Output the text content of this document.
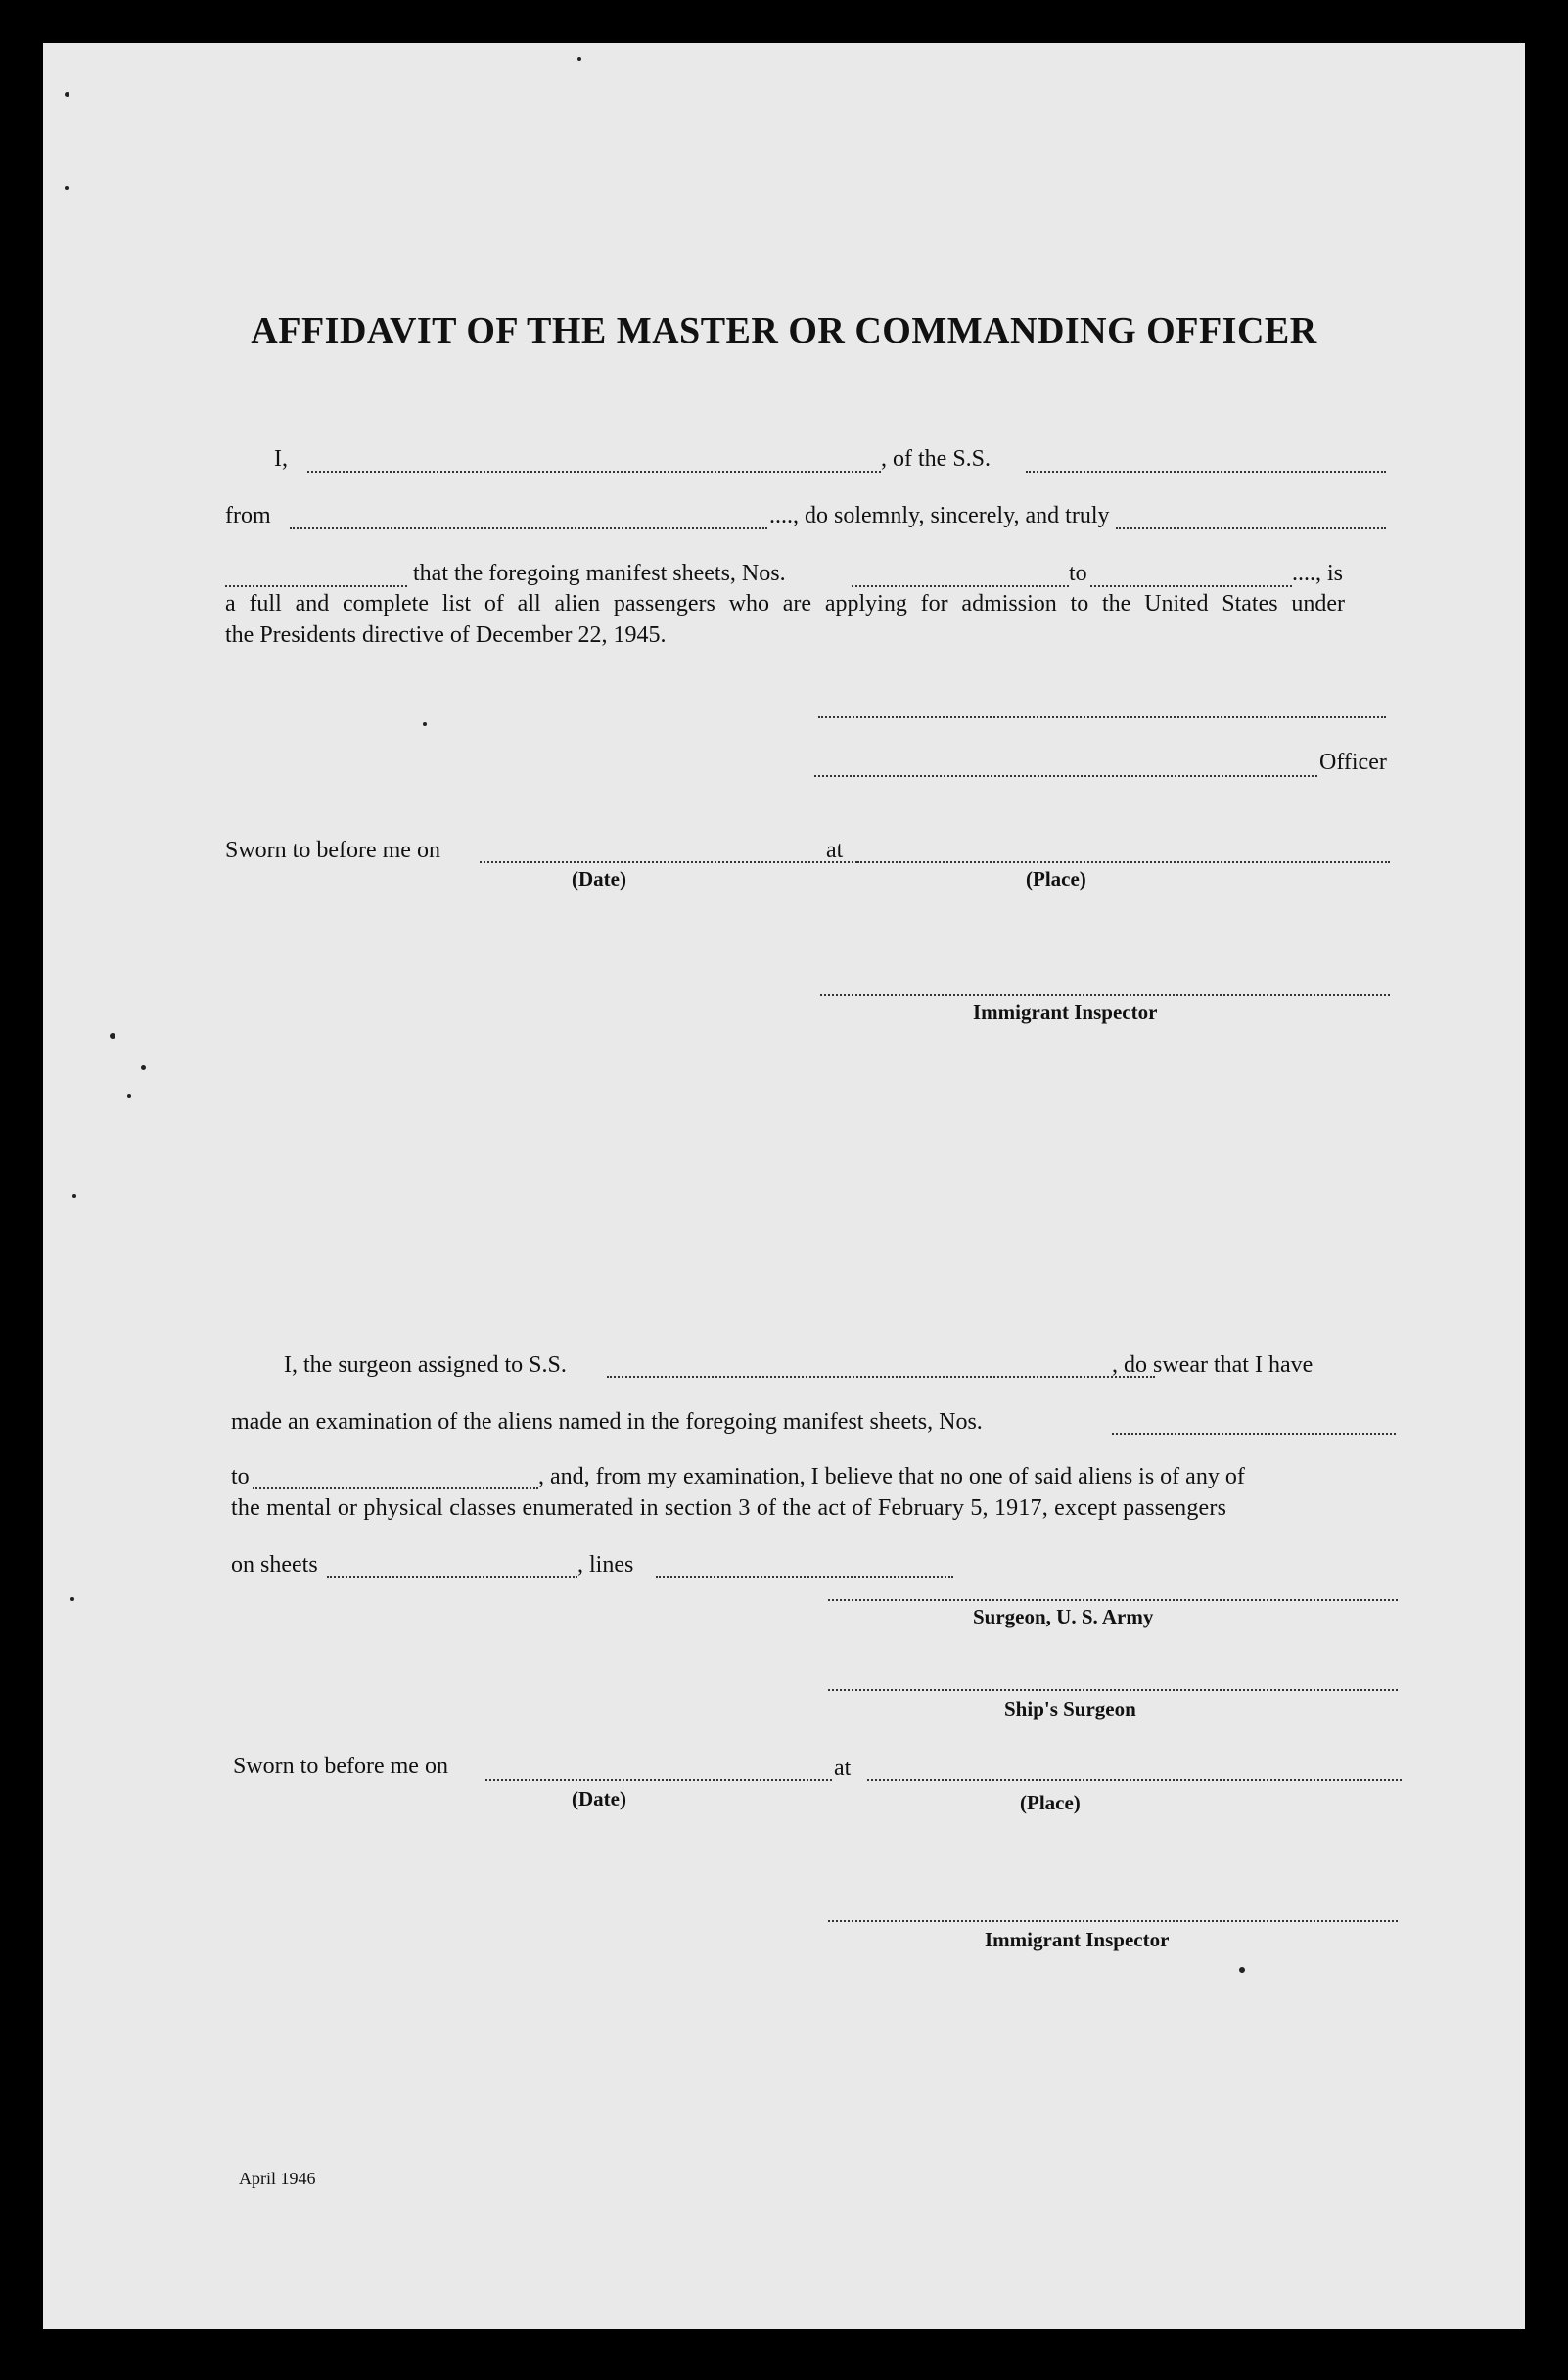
AFFIDAVIT OF THE MASTER OR COMMANDING OFFICER
I,	, of the S.S.
from	...., do solemnly, sincerely, and truly
that the foregoing manifest sheets, Nos.	to	...., is
a full and complete list of all alien passengers who are applying for admission to the United States under
the Presidents directive of December 22, 1945.
Officer
Sworn to before me on	at
(Date)	(Place)
Immigrant Inspector
I, the surgeon assigned to S.S.	, do swear that I have
made an examination of the aliens named in the foregoing manifest sheets, Nos.
to	, and, from my examination, I believe that no one of said aliens is of any of
the mental or physical classes enumerated in section 3 of the act of February 5, 1917, except passengers
on sheets	, lines
Surgeon, U. S. Army
Ship's Surgeon
Sworn to before me on	at
(Date)	(Place)
Immigrant Inspector
April 1946
